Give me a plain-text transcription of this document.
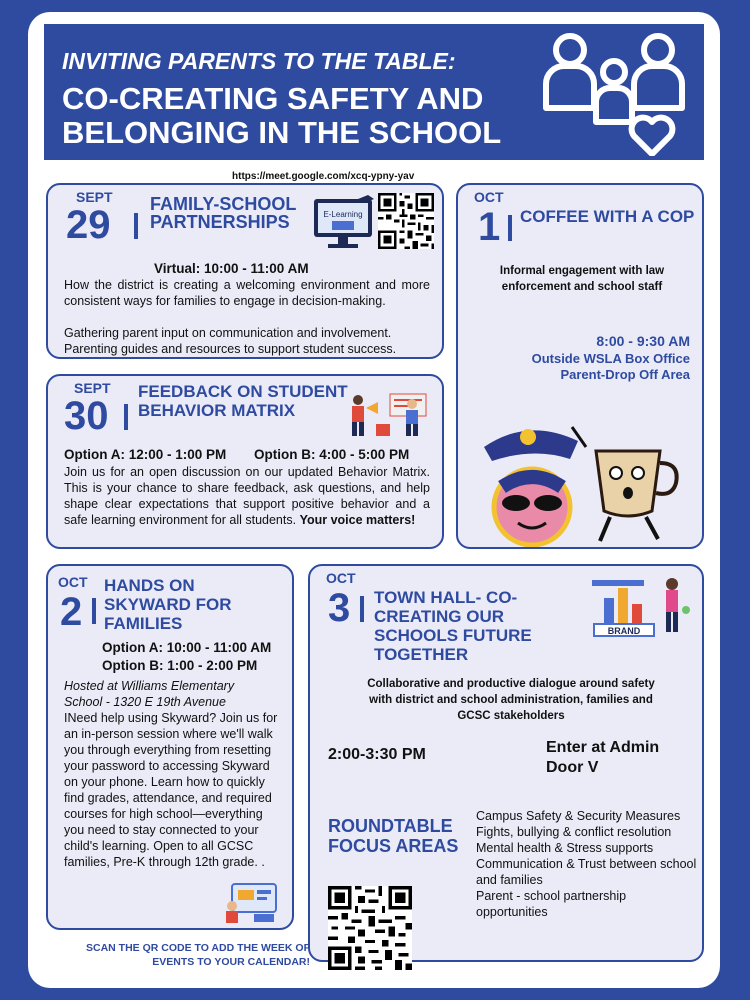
INVITING PARENTS TO THE TABLE:
CO-CREATING SAFETY AND BELONGING IN THE SCHOOL
https://meet.google.com/xcq-ypny-yav
SEPT
29 FAMILY-SCHOOL PARTNERSHIPS	E-Learning
Virtual: 10:00 - 11:00 AM
How the district is creating a welcoming environment and more consistent ways for families to engage in decision-making.
Gathering parent input on communication and involvement.
Parenting guides and resources to support student success.
SEPT
30
FEEDBACK ON STUDENT BEHAVIOR MATRIX
Option A: 12:00 - 1:00 PM Option B: 4:00 - 5:00 PM
Join us for an open discussion on our updated Behavior Matrix. This is your chance to share feedback, ask questions, and help shape clear expectations that support positive behavior and a safe learning environment for all students. Your voice matters!
OCT
1 COFFEE WITH A COP
Informal engagement with law enforcement and school staff
8:00 - 9:30 AM
Outside WSLA Box Office
Parent-Drop Off Area
OCT
2
HANDS ON SKYWARD FOR FAMILIES
Option A: 10:00 - 11:00 AM
Option B: 1:00 - 2:00 PM
Hosted at Williams Elementary School - 1320 E 19th Avenue
INeed help using Skyward? Join us for an in-person session where we'll walk you through everything from resetting your password to accessing Skyward on your phone. Learn how to quickly find grades, attendance, and required courses for high school—everything you need to stay connected to your child's learning. Open to all GCSC families, Pre-K through 12th grade. .
OCT
3 TOWN HALL- CO-CREATING OUR SCHOOLS FUTURE TOGETHER
BRAND
Collaborative and productive dialogue around safety with district and school administration, families and GCSC stakeholders
2:00-3:30 PM	Enter at Admin Door V
ROUNDTABLE FOCUS AREAS
Campus Safety & Security Measures
Fights, bullying & conflict resolution
Mental health & Stress supports
Communication & Trust between school and families
Parent - school partnership opportunities
SCAN THE QR CODE TO ADD THE WEEK OF EVENTS TO YOUR CALENDAR!
